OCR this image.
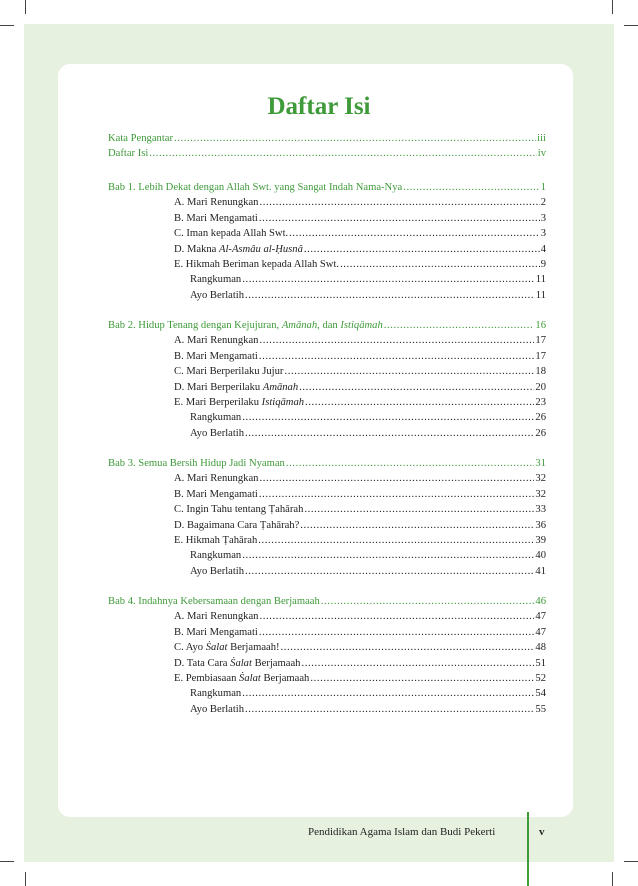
Daftar Isi
Kata Pengantar .....	iii
Daftar Isi .....	iv
Bab 1. Lebih Dekat dengan Allah Swt. yang Sangat Indah Nama-Nya .....	1
A. Mari Renungkan .....	2
B. Mari Mengamati .....	3
C. Iman kepada Allah Swt. .....	3
D. Makna Al-Asmâu al-Ḥusnâ .....	4
E. Hikmah Beriman kepada Allah Swt. .....	9
Rangkuman .....	11
Ayo Berlatih .....	11
Bab 2. Hidup Tenang dengan Kejujuran, Amānah, dan Istiqāmah .....	16
A. Mari Renungkan .....	17
B. Mari Mengamati .....	17
C. Mari Berperilaku Jujur .....	18
D. Mari Berperilaku Amānah .....	20
E. Mari Berperilaku Istiqāmah .....	23
Rangkuman .....	26
Ayo Berlatih .....	26
Bab 3. Semua Bersih Hidup Jadi Nyaman .....	31
A. Mari Renungkan .....	32
B. Mari Mengamati .....	32
C. Ingin Tahu tentang Ṭahārah .....	33
D. Bagaimana Cara Ṭahārah? .....	36
E. Hikmah Ṭahārah .....	39
Rangkuman .....	40
Ayo Berlatih .....	41
Bab 4. Indahnya Kebersamaan dengan Berjamaah .....	46
A. Mari Renungkan .....	47
B. Mari Mengamati .....	47
C. Ayo Ṡalat Berjamaah! .....	48
D. Tata Cara Ṡalat Berjamaah .....	51
E. Pembiasaan Ṡalat Berjamaah .....	52
Rangkuman .....	54
Ayo Berlatih .....	55
Pendidikan Agama Islam dan Budi Pekerti	v
